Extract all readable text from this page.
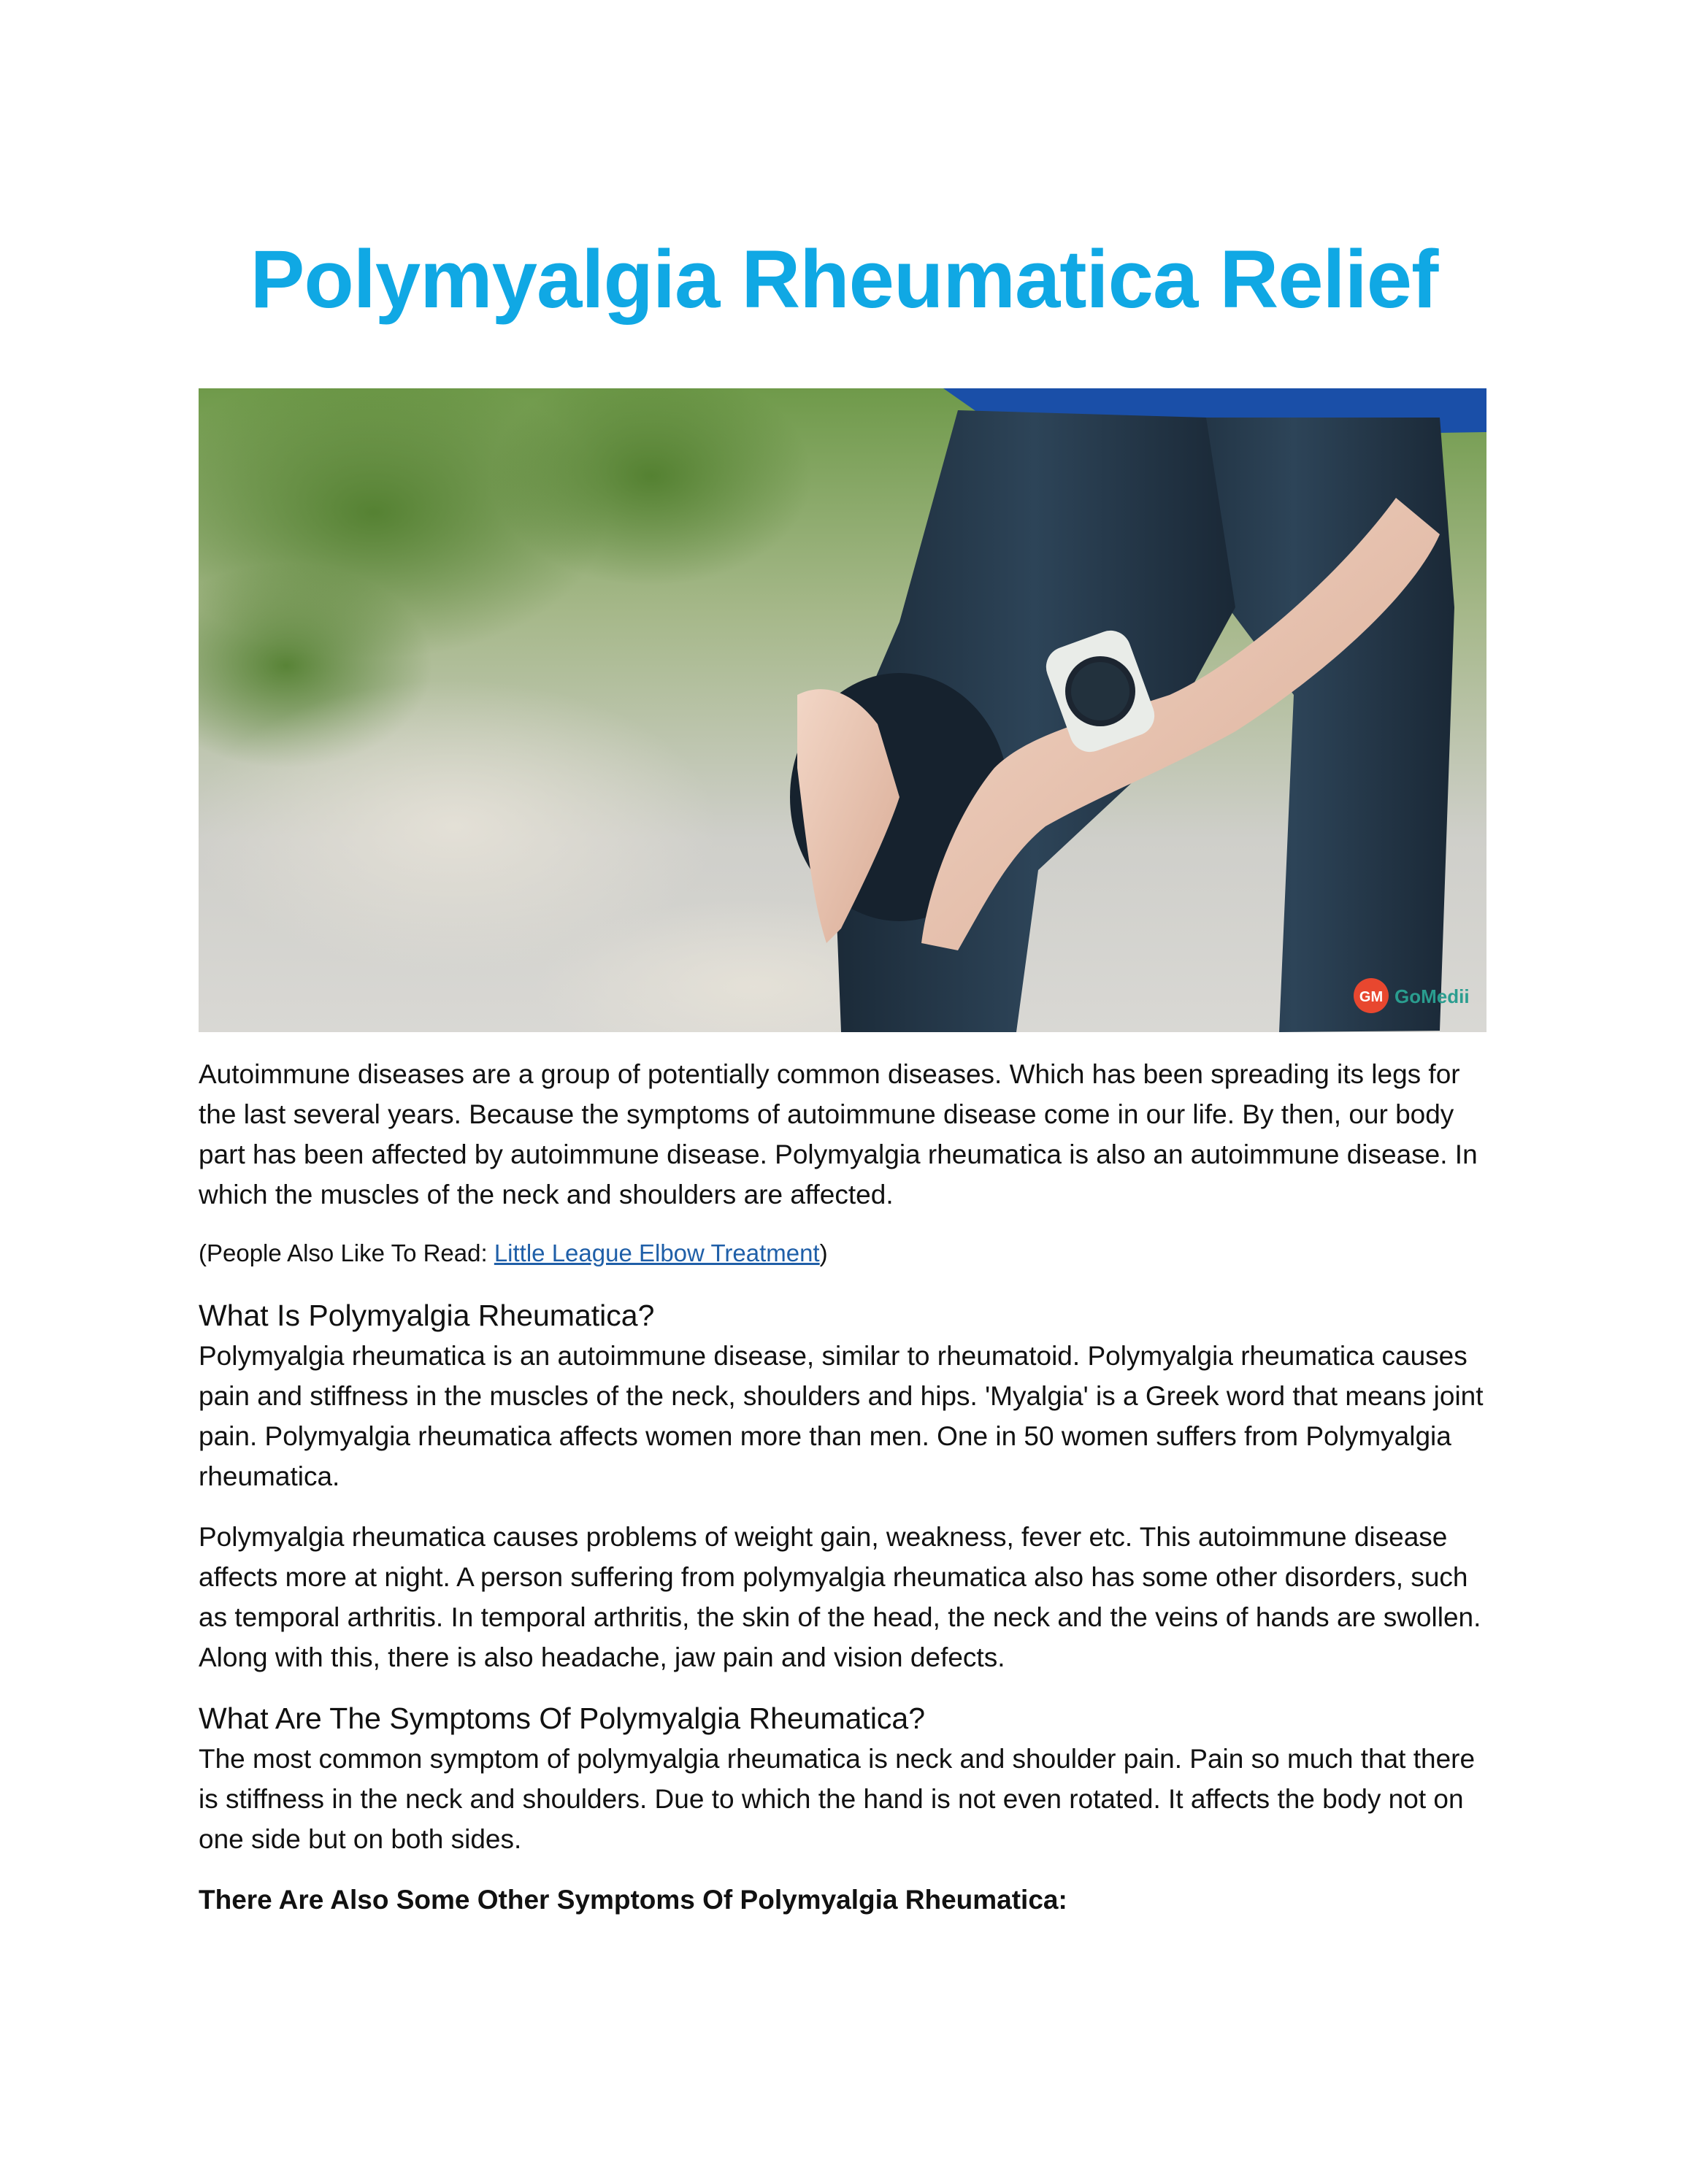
Polymyalgia Rheumatica Relief
GM GoMedii

Autoimmune diseases are a group of potentially common diseases. Which has been spreading its legs for the last several years. Because the symptoms of autoimmune disease come in our life. By then, our body part has been affected by autoimmune disease. Polymyalgia rheumatica is also an autoimmune disease. In which the muscles of the neck and shoulders are affected.

(People Also Like To Read: Little League Elbow Treatment)

What Is Polymyalgia Rheumatica?

Polymyalgia rheumatica is an autoimmune disease, similar to rheumatoid. Polymyalgia rheumatica causes pain and stiffness in the muscles of the neck, shoulders and hips. 'Myalgia' is a Greek word that means joint pain. Polymyalgia rheumatica affects women more than men. One in 50 women suffers from Polymyalgia rheumatica.

Polymyalgia rheumatica causes problems of weight gain, weakness, fever etc. This autoimmune disease affects more at night. A person suffering from polymyalgia rheumatica also has some other disorders, such as temporal arthritis. In temporal arthritis, the skin of the head, the neck and the veins of hands are swollen. Along with this, there is also headache, jaw pain and vision defects.

What Are The Symptoms Of Polymyalgia Rheumatica?

The most common symptom of polymyalgia rheumatica is neck and shoulder pain. Pain so much that there is stiffness in the neck and shoulders. Due to which the hand is not even rotated. It affects the body not on one side but on both sides.

There Are Also Some Other Symptoms Of Polymyalgia Rheumatica:
